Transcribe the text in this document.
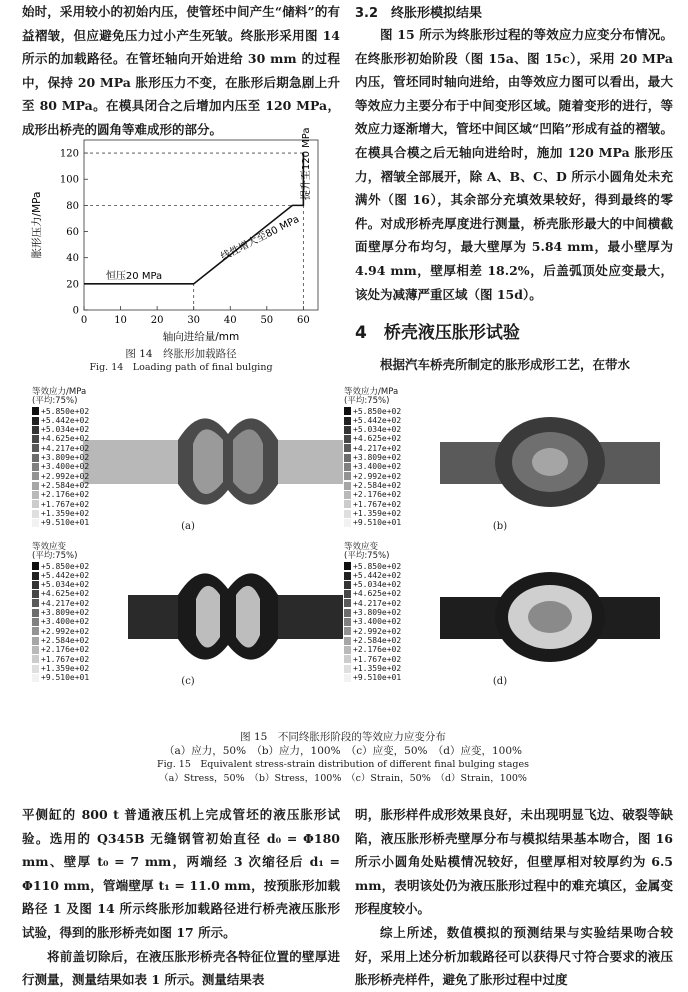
始时，采用较小的初始内压，使管坯中间产生“储料”的有益褶皱，但应避免压力过小产生死皱。终胀形采用图 14 所示的加载路径。在管坯轴向开始进给 30 mm 的过程中，保持 20 MPa 胀形压力不变，在胀形后期急剧上升至 80 MPa。在模具闭合之后增加内压至 120 MPa，成形出桥壳的圆角等难成形的部分。

0
20
40
60
80
100
120
0	10 20 30 40 50 60
恒压20 MPa
线性增大至80 MPa
提升至120 MPa
胀形压力/MPa
轴向进给量/mm

图 14　终胀形加载路径

Fig. 14　Loading path of final bulging

3.2　终胀形模拟结果

图 15 所示为终胀形过程的等效应力应变分布情况。在终胀形初始阶段（图 15a、图 15c），采用 20 MPa 内压，管坯同时轴向进给，由等效应力图可以看出，最大等效应力主要分布于中间变形区域。随着变形的进行，等效应力逐渐增大，管坯中间区域“凹陷”形成有益的褶皱。在模具合模之后无轴向进给时，施加 120 MPa 胀形压力，褶皱全部展开，除 A、B、C、D 所示小圆角处未充满外（图 16），其余部分充填效果较好，得到最终的零件。对成形桥壳厚度进行测量，桥壳胀形最大的中间横截面壁厚分布均匀，最大壁厚为 5.84 mm，最小壁厚为 4.94 mm，壁厚相差 18.2%，后盖弧顶处应变最大，该处为减薄严重区域（图 15d）。

4　桥壳液压胀形试验

根据汽车桥壳所制定的胀形成形工艺，在带水

等效应力/MPa
(平均:75%)
+5.850e+02
+5.442e+02
+5.034e+02
+4.625e+02
+4.217e+02
+3.809e+02
+3.400e+02
+2.992e+02
+2.584e+02
+2.176e+02
+1.767e+02
+1.359e+02
+9.510e+01	(a)
等效应力/MPa
(平均:75%)
+5.850e+02
+5.442e+02
+5.034e+02
+4.625e+02
+4.217e+02
+3.809e+02
+3.400e+02
+2.992e+02
+2.584e+02
+2.176e+02
+1.767e+02
+1.359e+02
+9.510e+01	(b)
等效应变
(平均:75%)
+5.850e+02
+5.442e+02
+5.034e+02
+4.625e+02
+4.217e+02
+3.809e+02
+3.400e+02
+2.992e+02
+2.584e+02
+2.176e+02
+1.767e+02
+1.359e+02
+9.510e+01	(c)
等效应变
(平均:75%)
+5.850e+02
+5.442e+02
+5.034e+02
+4.625e+02
+4.217e+02
+3.809e+02
+3.400e+02
+2.992e+02
+2.584e+02
+2.176e+02
+1.767e+02
+1.359e+02
+9.510e+01	(d)

图 15　不同终胀形阶段的等效应力应变分布

（a）应力，50%　（b）应力，100%　（c）应变，50%　（d）应变，100%

Fig. 15　Equivalent stress-strain distribution of different final bulging stages

（a）Stress，50%　（b）Stress，100%　（c）Strain，50%　（d）Strain，100%

平侧缸的 800 t 普通液压机上完成管坯的液压胀形试验。选用的 Q345B 无缝钢管初始直径 d₀ = Φ180 mm、壁厚 t₀ = 7 mm，两端经 3 次缩径后 d₁ = Φ110 mm，管端壁厚 t₁ = 11.0 mm，按预胀形加载路径 1 及图 14 所示终胀形加载路径进行桥壳液压胀形试验，得到的胀形桥壳如图 17 所示。

将前盖切除后，在液压胀形桥壳各特征位置的壁厚进行测量，测量结果如表 1 所示。测量结果表

明，胀形样件成形效果良好，未出现明显飞边、破裂等缺陷，液压胀形桥壳壁厚分布与模拟结果基本吻合，图 16 所示小圆角处贴模情况较好，但壁厚相对较厚约为 6.5 mm，表明该处仍为液压胀形过程中的难充填区，金属变形程度较小。

综上所述，数值模拟的预测结果与实验结果吻合较好，采用上述分析加载路径可以获得尺寸符合要求的液压胀形桥壳样件，避免了胀形过程中过度
